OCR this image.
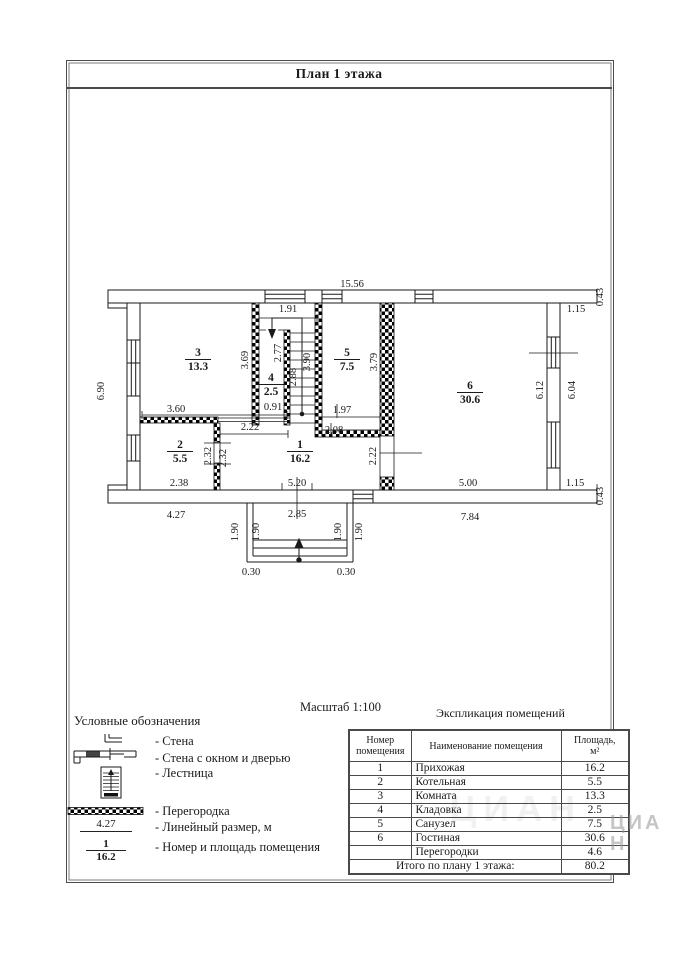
План 1 этажа
15.56
1.91	1.15
3.60	0.91	1.97
2.22	2,08
2.38	5.20	5.00	1.15
4.27	2.85	7.84
0.30	0.30
0.43
6.90
3.69 2.77
2.88
3.90	3.79
6.12 6.04
2.32 2.32	2.22
0.43
1.90 1.90	1.90 1.90
3
13.3
4
2.5
5
7.5
6
30.6
2
5.5
1
16.2
Масштаб 1:100	Экспликация помещений
Условные обозначения
- Стена
- Стена с окном и дверью
- Лестница
- Перегородка
4.27	- Линейный размер, м
$\frac{1}{16.2}$ - Номер и площадь помещения
Номер помещения	Наименование помещения	Площадь,
м²

1	Прихожая	16.2
2	Котельная	5.5
3	Комната	13.3
4	Кладовка	2.5
5	Санузел	7.5
6	Гостиная	30.6
	Перегородки	4.6
Итого по плану 1 этажа:		80.2
ЦИАН	ЦИАН
